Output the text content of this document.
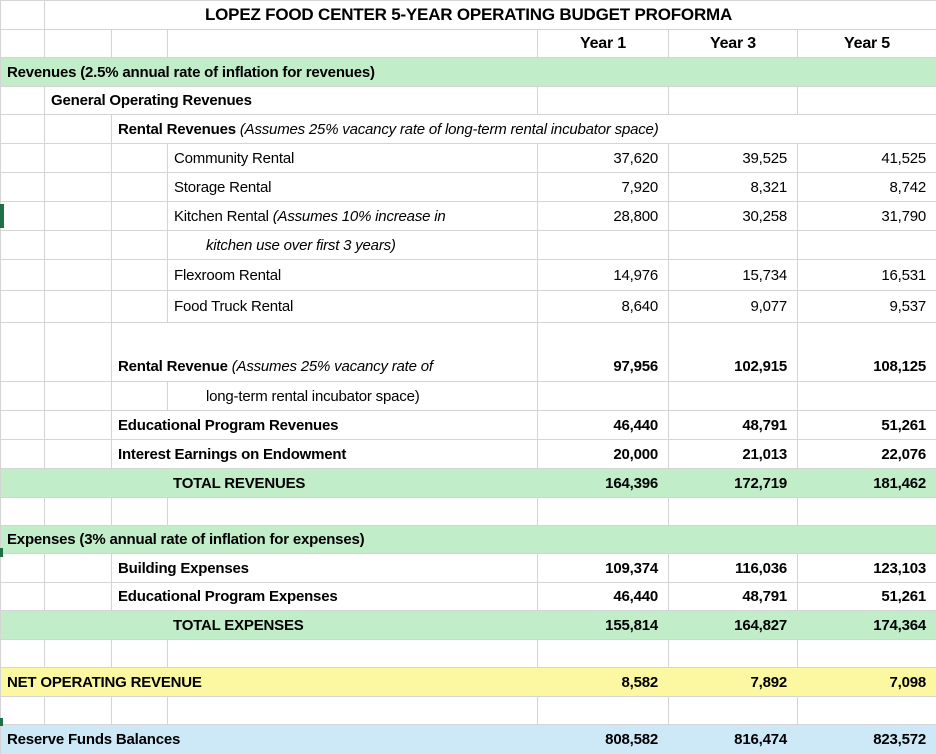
	LOPEZ FOOD CENTER 5-YEAR OPERATING BUDGET PROFORMA					
				Year 1	Year 3	Year 5
Revenues (2.5% annual rate of inflation for revenues)						
	General Operating Revenues					
		Rental Revenues (Assumes 25% vacancy rate of long-term rental incubator space)				
			Community Rental	37,620	39,525	41,525
			Storage Rental	7,920	8,321	8,742
			Kitchen Rental (Assumes 10% increase in	28,800	30,258	31,790
			kitchen use over first 3 years)			
			Flexroom Rental	14,976	15,734	16,531
			Food Truck Rental	8,640	9,077	9,537
		Rental Revenue (Assumes 25% vacancy rate of		97,956	102,915	108,125
			long-term rental incubator space)			
		Educational Program Revenues		46,440	48,791	51,261
		Interest Earnings on Endowment		20,000	21,013	22,076
TOTAL REVENUES				164,396	172,719	181,462

Expenses (3% annual rate of inflation for expenses)						
		Building Expenses		109,374	116,036	123,103
		Educational Program Expenses		46,440	48,791	51,261
TOTAL EXPENSES				155,814	164,827	174,364

NET OPERATING REVENUE				8,582	7,892	7,098

Reserve Funds Balances				808,582	816,474	823,572
